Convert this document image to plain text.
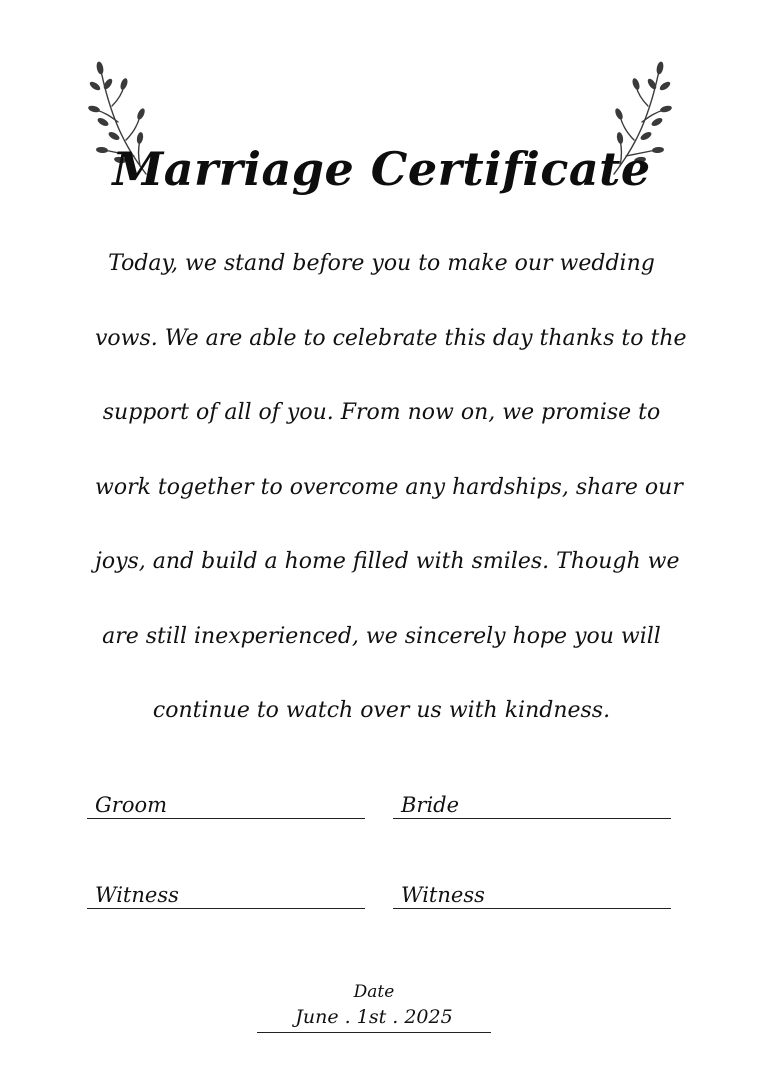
Marriage Certificate
Today, we stand before you to make our wedding
vows. We are able to celebrate this day thanks to the
support of all of you. From now on, we promise to
work together to overcome any hardships, share our
joys, and build a home filled with smiles. Though we
are still inexperienced, we sincerely hope you will
continue to watch over us with kindness.
Groom	Bride
Witness	Witness
Date
June . 1st . 2025
